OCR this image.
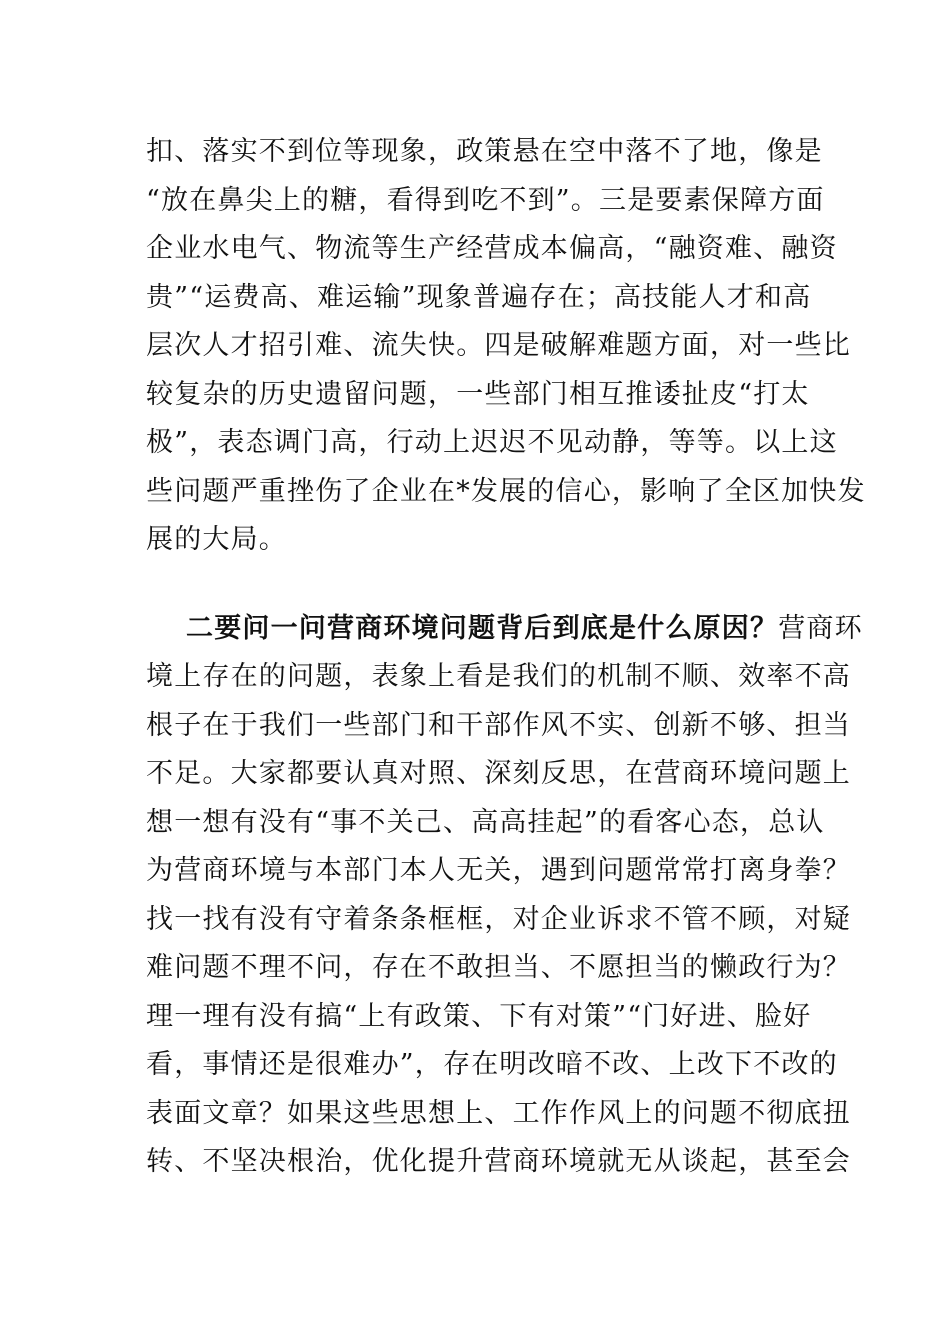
扣、落实不到位等现象，政策悬在空中落不了地，像是
“放在鼻尖上的糖，看得到吃不到”。三是要素保障方面
企业水电气、物流等生产经营成本偏高，“融资难、融资
贵”“运费高、难运输”现象普遍存在；高技能人才和高
层次人才招引难、流失快。四是破解难题方面，对一些比
较复杂的历史遗留问题，一些部门相互推诿扯皮“打太
极”，表态调门高，行动上迟迟不见动静，等等。以上这
些问题严重挫伤了企业在*发展的信心，影响了全区加快发
展的大局。
二要问一问营商环境问题背后到底是什么原因？营商环
境上存在的问题，表象上看是我们的机制不顺、效率不高
根子在于我们一些部门和干部作风不实、创新不够、担当
不足。大家都要认真对照、深刻反思，在营商环境问题上
想一想有没有“事不关己、高高挂起”的看客心态，总认
为营商环境与本部门本人无关，遇到问题常常打离身拳？
找一找有没有守着条条框框，对企业诉求不管不顾，对疑
难问题不理不问，存在不敢担当、不愿担当的懒政行为？
理一理有没有搞“上有政策、下有对策”“门好进、脸好
看，事情还是很难办”，存在明改暗不改、上改下不改的
表面文章？如果这些思想上、工作作风上的问题不彻底扭
转、不坚决根治，优化提升营商环境就无从谈起，甚至会
